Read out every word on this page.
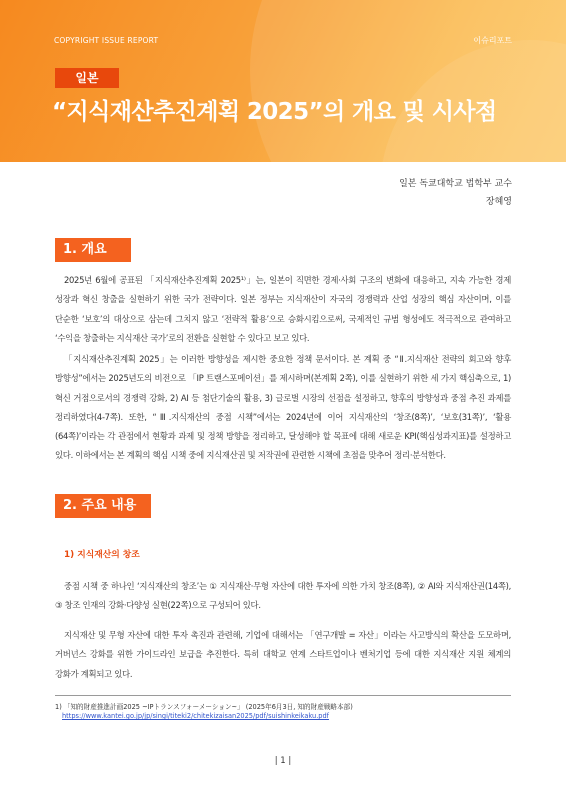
COPYRIGHT ISSUE REPORT	이슈리포트
일본
“지식재산추진계획 2025”의 개요 및 시사점
일본 독쿄대학교 법학부 교수
장혜영
1. 개요

2025년 6월에 공표된 「지식재산추진계획 2025¹⁾」는, 일본이 직면한 경제·사회 구조의 변화에 대응하고, 지속 가능한 경제 성장과 혁신 창출을 실현하기 위한 국가 전략이다. 일본 정부는 지식재산이 자국의 경쟁력과 산업 성장의 핵심 자산이며, 이를 단순한 ‘보호’의 대상으로 삼는데 그치지 않고 ‘전략적 활용’으로 승화시킴으로써, 국제적인 규범 형성에도 적극적으로 관여하고 ‘수익을 창출하는 지식재산 국가’로의 전환을 실현할 수 있다고 보고 있다.

「지식재산추진계획 2025」는 이러한 방향성을 제시한 중요한 정책 문서이다. 본 계획 중 “Ⅱ.지식재산 전략의 회고와 향후 방향성”에서는 2025년도의 비전으로 「IP 트랜스포메이션」를 제시하며(본계획 2쪽), 이를 실현하기 위한 세 가지 핵심축으로, 1) 혁신 거점으로서의 경쟁력 강화, 2) AI 등 첨단기술의 활용, 3) 글로벌 시장의 선점을 설정하고, 향후의 방향성과 중점 추진 과제를 정리하였다(4-7쪽). 또한, “Ⅲ.지식재산의 중점 시책”에서는 2024년에 이어 지식재산의 ‘창조(8쪽)’, ‘보호(31쪽)’, ‘활용(64쪽)’이라는 각 관점에서 현황과 과제 및 정책 방향을 정리하고, 달성해야 할 목표에 대해 새로운 KPI(핵심성과지표)를 설정하고 있다. 이하에서는 본 계획의 핵심 시책 중에 지식재산권 및 저작권에 관련한 시책에 초점을 맞추어 정리·분석한다.

2. 주요 내용
1) 지식재산의 창조

중점 시책 중 하나인 ‘지식재산의 창조’는 ① 지식재산·무형 자산에 대한 투자에 의한 가치 창조(8쪽), ② AI와 지식재산권(14쪽), ③ 창조 인재의 강화·다양성 실현(22쪽)으로 구성되어 있다.

지식재산 및 무형 자산에 대한 투자 촉진과 관련해, 기업에 대해서는 「연구개발 = 자산」이라는 사고방식의 확산을 도모하며, 거버넌스 강화를 위한 가이드라인 보급을 추진한다. 특히 대학교 연계 스타트업이나 벤처기업 등에 대한 지식재산 지원 체계의 강화가 계획되고 있다.

1) 「知的財産推進計画2025 ~IPトランスフォーメーション~」 (2025年6月3日, 知的財産戦略本部)
https://www.kantei.go.jp/jp/singi/titeki2/chitekizaisan2025/pdf/suishinkeikaku.pdf
| 1 |
